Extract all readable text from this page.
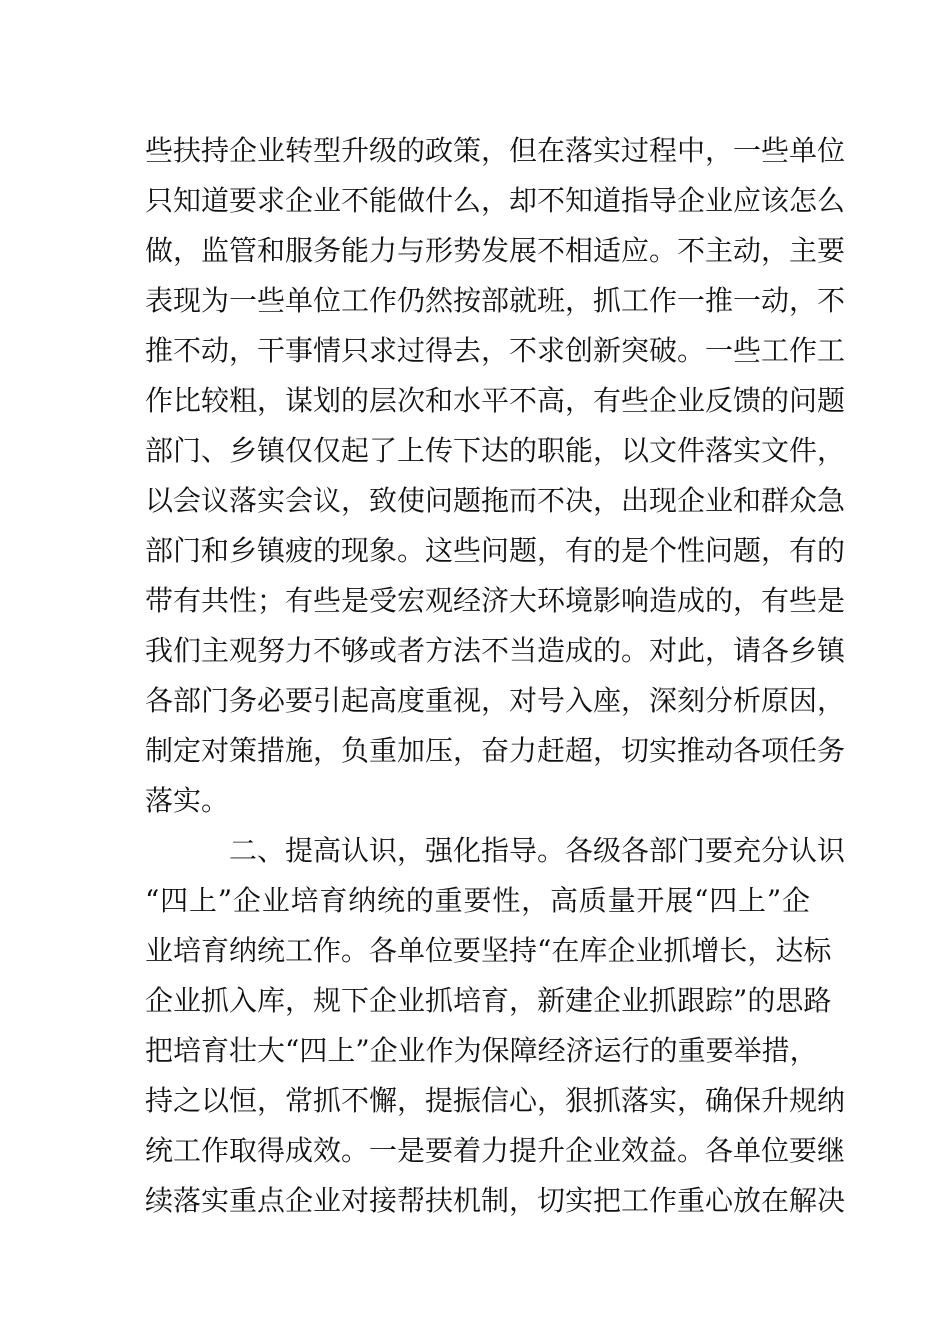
些扶持企业转型升级的政策，但在落实过程中，一些单位
只知道要求企业不能做什么，却不知道指导企业应该怎么
做，监管和服务能力与形势发展不相适应。不主动，主要
表现为一些单位工作仍然按部就班，抓工作一推一动，不
推不动，干事情只求过得去，不求创新突破。一些工作工
作比较粗，谋划的层次和水平不高，有些企业反馈的问题
部门、乡镇仅仅起了上传下达的职能，以文件落实文件，
以会议落实会议，致使问题拖而不决，出现企业和群众急
部门和乡镇疲的现象。这些问题，有的是个性问题，有的
带有共性；有些是受宏观经济大环境影响造成的，有些是
我们主观努力不够或者方法不当造成的。对此，请各乡镇
各部门务必要引起高度重视，对号入座，深刻分析原因，
制定对策措施，负重加压，奋力赶超，切实推动各项任务
落实。
二、提高认识，强化指导。各级各部门要充分认识
“四上”企业培育纳统的重要性，高质量开展“四上”企
业培育纳统工作。各单位要坚持“在库企业抓增长，达标
企业抓入库，规下企业抓培育，新建企业抓跟踪”的思路
把培育壮大“四上”企业作为保障经济运行的重要举措，
持之以恒，常抓不懈，提振信心，狠抓落实，确保升规纳
统工作取得成效。一是要着力提升企业效益。各单位要继
续落实重点企业对接帮扶机制，切实把工作重心放在解决
